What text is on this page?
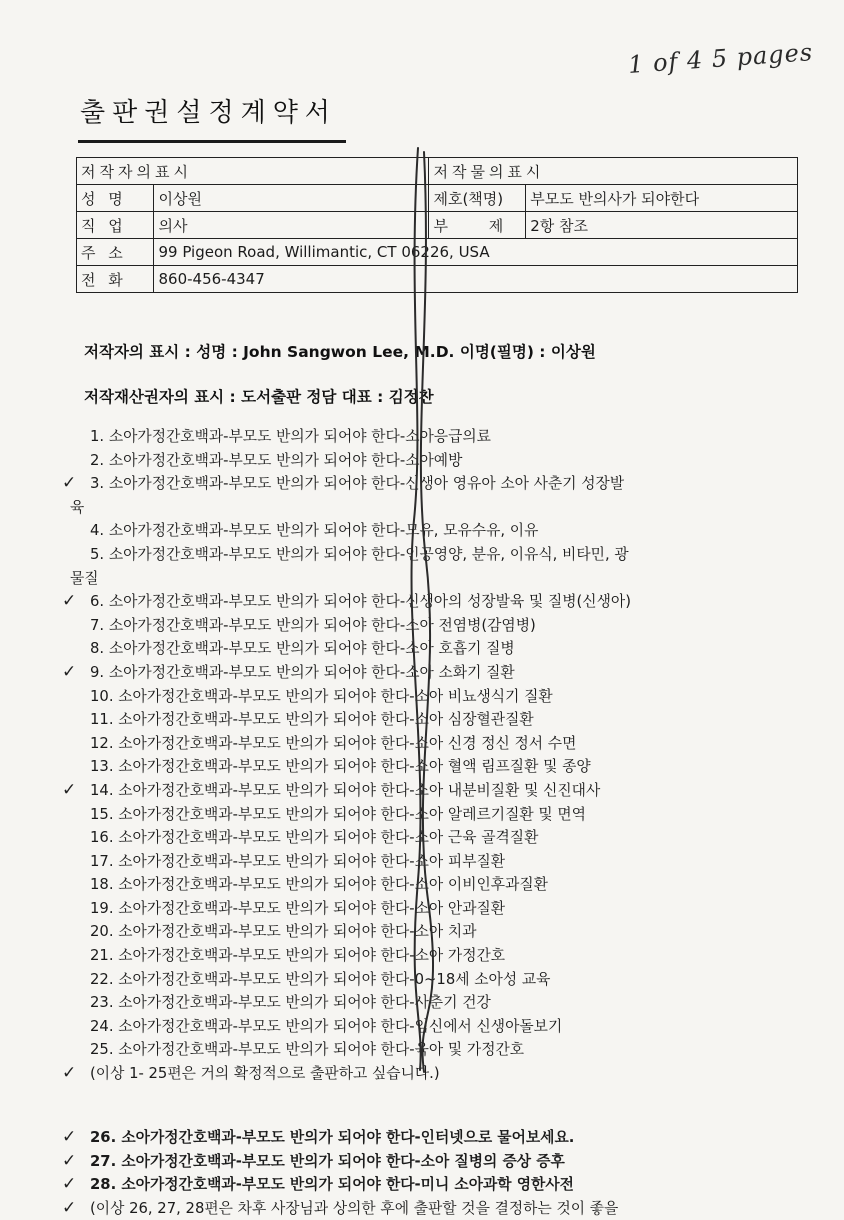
1 of 4 5 pages
출판권설정계약서
저작자의표시		저작물의표시	
성 명	이상원	제호(책명)	부모도 반의사가 되야한다
직 업	의사	부 제	2항 참조
주 소	99 Pigeon Road, Willimantic, CT 06226, USA		
전 화	860-456-4347		
저작자의 표시 : 성명 : John Sangwon Lee, M.D. 이명(필명) : 이상원
저작재산권자의 표시 : 도서출판 정담 대표 : 김정찬
1. 소아가정간호백과-부모도 반의가 되어야 한다-소아응급의료
2. 소아가정간호백과-부모도 반의가 되어야 한다-소아예방
✓ 3. 소아가정간호백과-부모도 반의가 되어야 한다-신생아 영유아 소아 사춘기 성장발
육
4. 소아가정간호백과-부모도 반의가 되어야 한다-모유, 모유수유, 이유
5. 소아가정간호백과-부모도 반의가 되어야 한다-인공영양, 분유, 이유식, 비타민, 광
물질
✓ 6. 소아가정간호백과-부모도 반의가 되어야 한다-신생아의 성장발육 및 질병(신생아)
7. 소아가정간호백과-부모도 반의가 되어야 한다-소아 전염병(감염병)
8. 소아가정간호백과-부모도 반의가 되어야 한다-소아 호흡기 질병
✓ 9. 소아가정간호백과-부모도 반의가 되어야 한다-소아 소화기 질환
10. 소아가정간호백과-부모도 반의가 되어야 한다-소아 비뇨생식기 질환
11. 소아가정간호백과-부모도 반의가 되어야 한다-소아 심장혈관질환
12. 소아가정간호백과-부모도 반의가 되어야 한다-소아 신경 정신 정서 수면
13. 소아가정간호백과-부모도 반의가 되어야 한다-소아 혈액 림프질환 및 종양
✓ 14. 소아가정간호백과-부모도 반의가 되어야 한다-소아 내분비질환 및 신진대사
15. 소아가정간호백과-부모도 반의가 되어야 한다-소아 알레르기질환 및 면역
16. 소아가정간호백과-부모도 반의가 되어야 한다-소아 근육 골격질환
17. 소아가정간호백과-부모도 반의가 되어야 한다-소아 피부질환
18. 소아가정간호백과-부모도 반의가 되어야 한다-소아 이비인후과질환
19. 소아가정간호백과-부모도 반의가 되어야 한다-소아 안과질환
20. 소아가정간호백과-부모도 반의가 되어야 한다-소아 치과
21. 소아가정간호백과-부모도 반의가 되어야 한다-소아 가정간호
22. 소아가정간호백과-부모도 반의가 되어야 한다-0~18세 소아성 교육
23. 소아가정간호백과-부모도 반의가 되어야 한다-사춘기 건강
24. 소아가정간호백과-부모도 반의가 되어야 한다-임신에서 신생아돌보기
25. 소아가정간호백과-부모도 반의가 되어야 한다-육아 및 가정간호
✓ (이상 1- 25편은 거의 확정적으로 출판하고 싶습니다.)
✓ 26. 소아가정간호백과-부모도 반의가 되어야 한다-인터넷으로 물어보세요.
✓ 27. 소아가정간호백과-부모도 반의가 되어야 한다-소아 질병의 증상 증후
✓ 28. 소아가정간호백과-부모도 반의가 되어야 한다-미니 소아과학 영한사전
✓ (이상 26, 27, 28편은 차후 사장님과 상의한 후에 출판할 것을 결정하는 것이 좋을
